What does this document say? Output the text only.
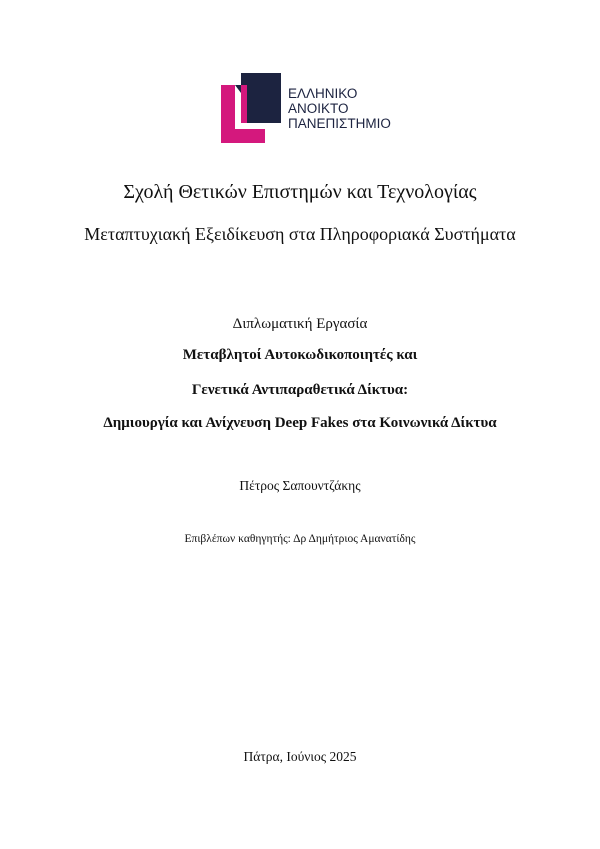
ΕΛΛΗΝΙΚΟ
ΑΝΟΙΚΤΟ
ΠΑΝΕΠΙΣΤΗΜΙΟ
Σχολή Θετικών Επιστημών και Τεχνολογίας
Μεταπτυχιακή Εξειδίκευση στα Πληροφοριακά Συστήματα
Διπλωματική Εργασία
Μεταβλητοί Αυτοκωδικοποιητές και
Γενετικά Αντιπαραθετικά Δίκτυα:
Δημιουργία και Ανίχνευση Deep Fakes στα Κοινωνικά Δίκτυα
Πέτρος Σαπουντζάκης
Επιβλέπων καθηγητής: Δρ Δημήτριος Αμανατίδης
Πάτρα, Ιούνιος 2025
